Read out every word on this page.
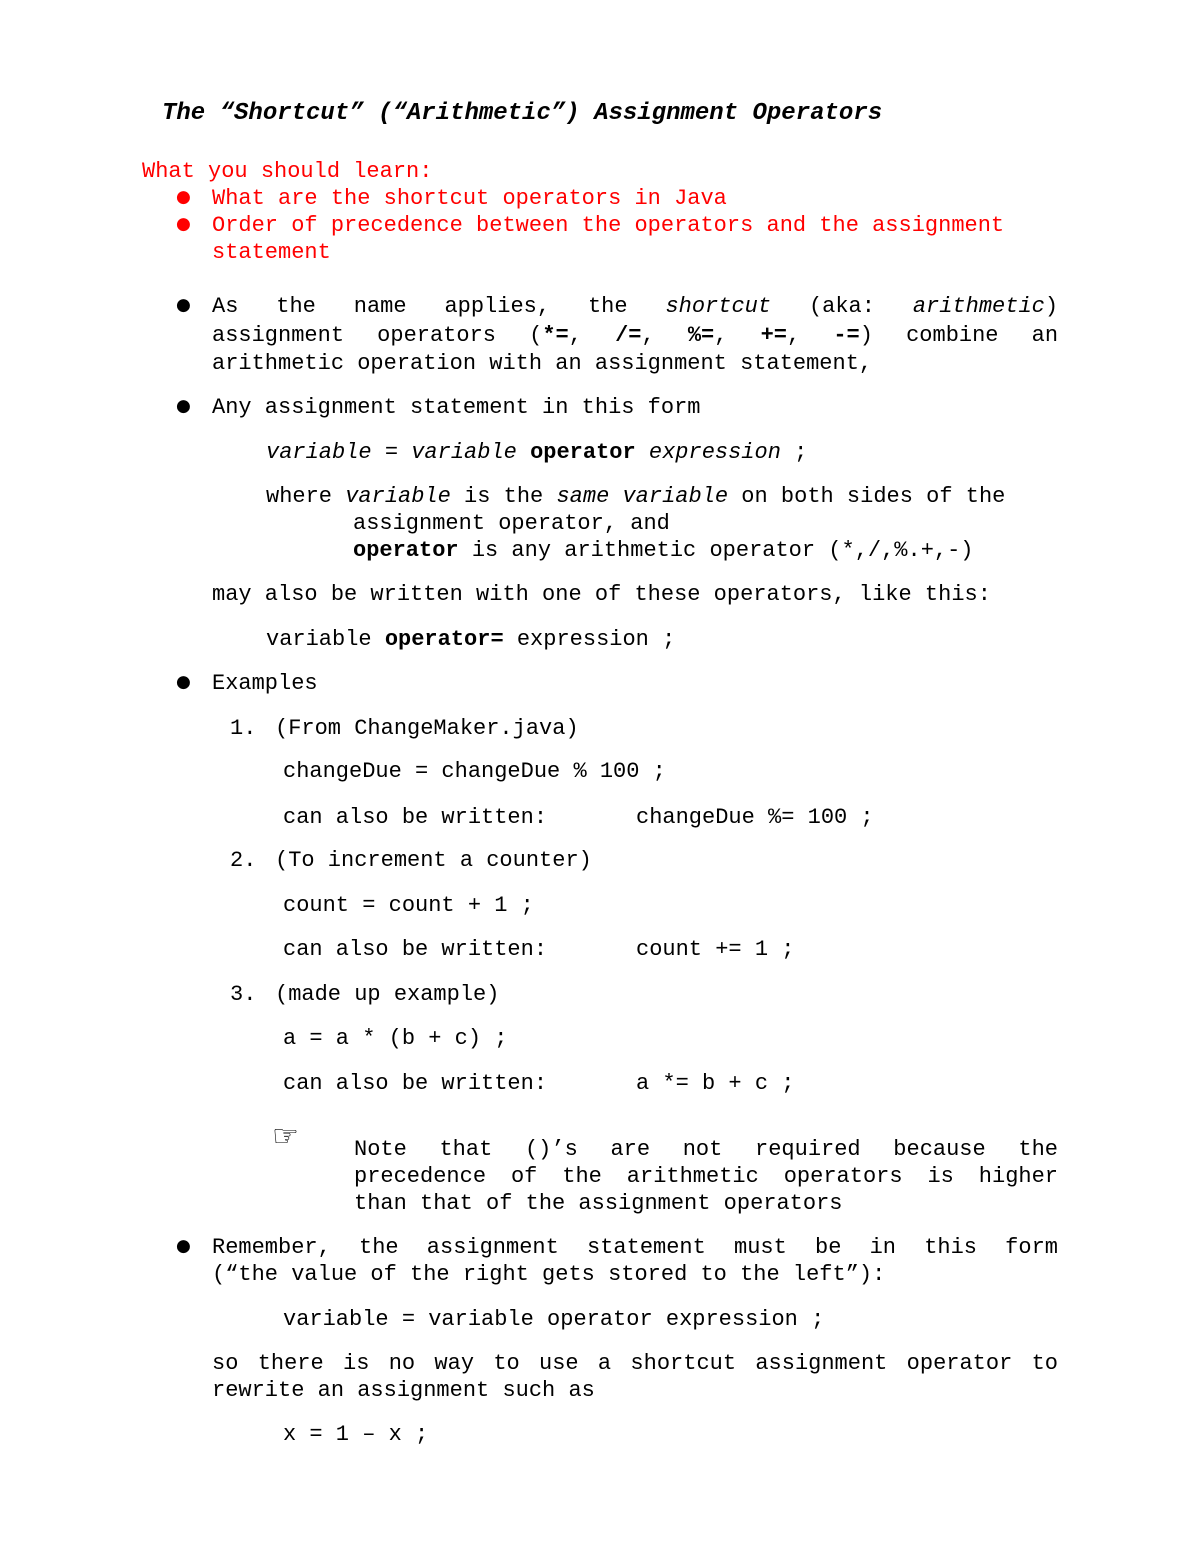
The “Shortcut” (“Arithmetic”) Assignment Operators
What you should learn:
● What are the shortcut operators in Java
● Order of precedence between the operators and the assignment
statement
● As the name applies, the shortcut (aka: arithmetic)
assignment operators (*=, /=, %=, +=, -=) combine an
arithmetic operation with an assignment statement,
● Any assignment statement in this form
variable = variable operator expression ;
where variable is the same variable on both sides of the
assignment operator, and
operator is any arithmetic operator (*,/,%.+,-)
may also be written with one of these operators, like this:
variable operator= expression ;
● Examples
1. (From ChangeMaker.java)
changeDue = changeDue % 100 ;
can also be written:	changeDue %= 100 ;
2. (To increment a counter)
count = count + 1 ;
can also be written:	count += 1 ;
3. (made up example)
a = a * (b + c) ;
can also be written:	a *= b + c ;
☞	Note that ()’s are not required because the
precedence of the arithmetic operators is higher
than that of the assignment operators
● Remember, the assignment statement must be in this form
(“the value of the right gets stored to the left”):
variable = variable operator expression ;
so there is no way to use a shortcut assignment operator to
rewrite an assignment such as
x = 1 – x ;
